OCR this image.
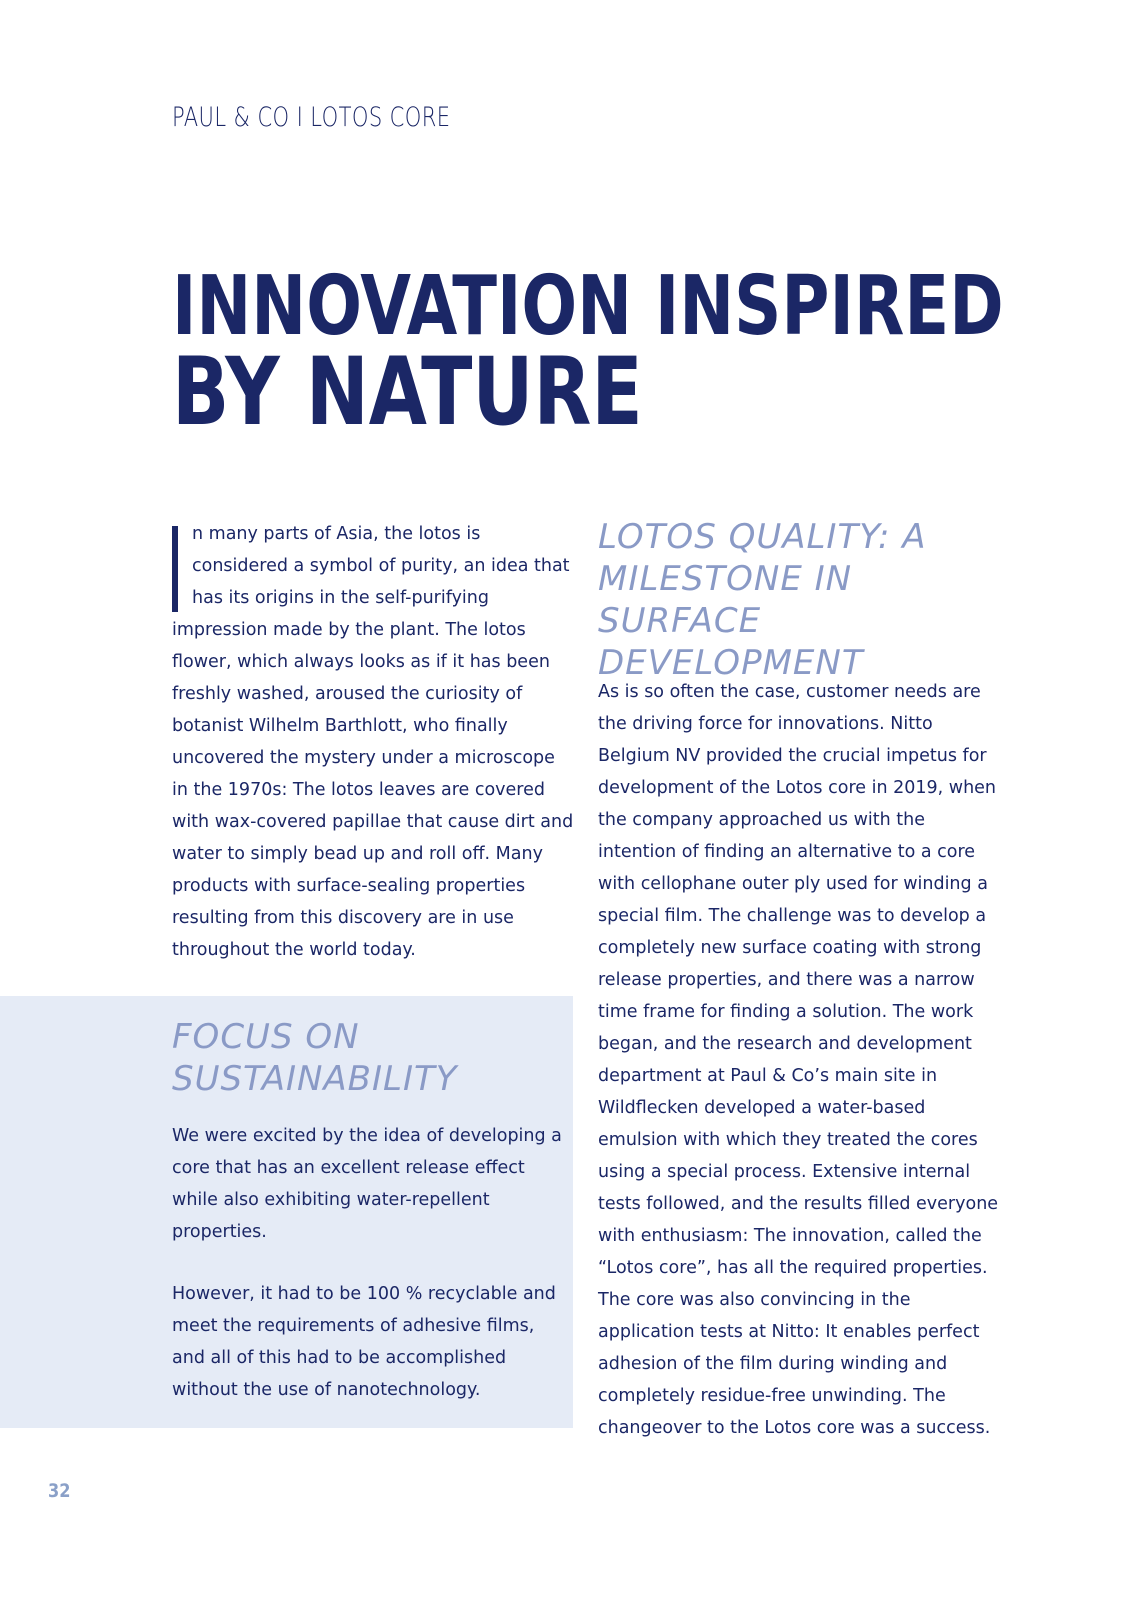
PAUL & CO I LOTOS CORE
INNOVATION INSPIRED
BY NATURE

n many parts of Asia, the lotos is considered a symbol of purity, an idea that has its origins in the self-purifying impression made by the plant. The lotos flower, which always looks as if it has been freshly washed, aroused the curiosity of botanist Wilhelm Barthlott, who finally uncovered the mystery under a microscope in the 1970s: The lotos leaves are covered with wax-covered papillae that cause dirt and water to simply bead up and roll off. Many products with surface-sealing properties resulting from this discovery are in use throughout the world today.

FOCUS ON SUSTAINABILITY

We were excited by the idea of developing a core that has an excellent release effect while also exhibiting water-repellent properties.

However, it had to be 100 % recyclable and meet the requirements of adhesive films, and all of this had to be accomplished without the use of nanotechnology.

LOTOS QUALITY: A MILESTONE IN SURFACE DEVELOPMENT

As is so often the case, customer needs are the driving force for innovations. Nitto Belgium NV provided the crucial impetus for development of the Lotos core in 2019, when the company approached us with the intention of finding an alternative to a core with cellophane outer ply used for winding a special film. The challenge was to develop a completely new surface coating with strong release properties, and there was a narrow time frame for finding a solution. The work began, and the research and development department at Paul & Co’s main site in Wildflecken developed a water-based emulsion with which they treated the cores using a special process. Extensive internal tests followed, and the results filled everyone with enthusiasm: The innovation, called the “Lotos core”, has all the required properties. The core was also convincing in the application tests at Nitto: It enables perfect adhesion of the film during winding and completely residue-free unwinding. The changeover to the Lotos core was a success.

32
